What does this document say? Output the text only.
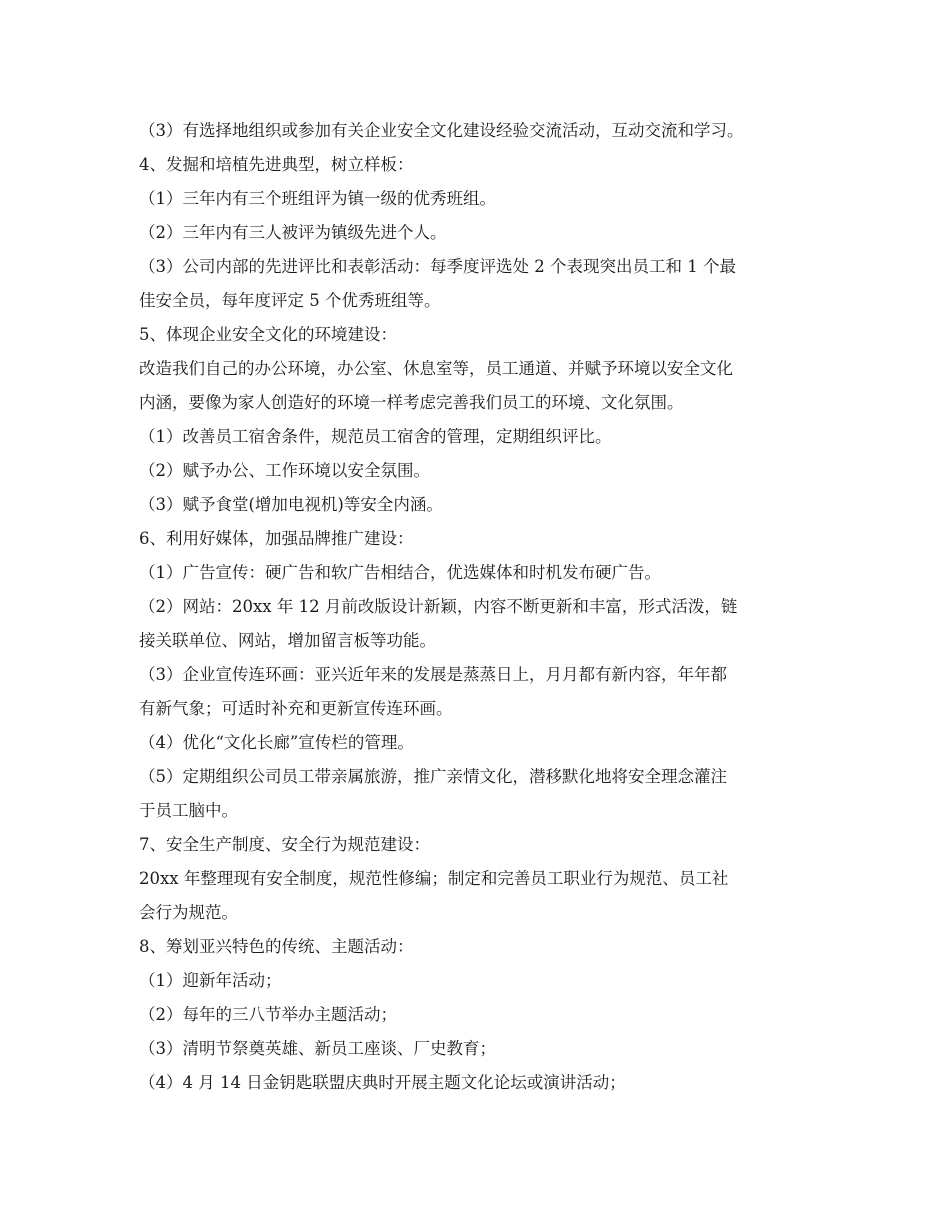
（3）有选择地组织或参加有关企业安全文化建设经验交流活动，互动交流和学习。
4、发掘和培植先进典型，树立样板：
（1）三年内有三个班组评为镇一级的优秀班组。
（2）三年内有三人被评为镇级先进个人。
（3）公司内部的先进评比和表彰活动：每季度评选处 2 个表现突出员工和 1 个最
佳安全员，每年度评定 5 个优秀班组等。
5、体现企业安全文化的环境建设：
改造我们自己的办公环境，办公室、休息室等，员工通道、并赋予环境以安全文化
内涵，要像为家人创造好的环境一样考虑完善我们员工的环境、文化氛围。
（1）改善员工宿舍条件，规范员工宿舍的管理，定期组织评比。
（2）赋予办公、工作环境以安全氛围。
（3）赋予食堂(增加电视机)等安全内涵。
6、利用好媒体，加强品牌推广建设：
（1）广告宣传：硬广告和软广告相结合，优选媒体和时机发布硬广告。
（2）网站：20xx 年 12 月前改版设计新颖，内容不断更新和丰富，形式活泼，链
接关联单位、网站，增加留言板等功能。
（3）企业宣传连环画：亚兴近年来的发展是蒸蒸日上，月月都有新内容，年年都
有新气象；可适时补充和更新宣传连环画。
（4）优化“文化长廊”宣传栏的管理。
（5）定期组织公司员工带亲属旅游，推广亲情文化，潜移默化地将安全理念灌注
于员工脑中。
7、安全生产制度、安全行为规范建设：
20xx 年整理现有安全制度，规范性修编；制定和完善员工职业行为规范、员工社
会行为规范。
8、筹划亚兴特色的传统、主题活动：
（1）迎新年活动；
（2）每年的三八节举办主题活动；
（3）清明节祭奠英雄、新员工座谈、厂史教育；
（4）4 月 14 日金钥匙联盟庆典时开展主题文化论坛或演讲活动；
